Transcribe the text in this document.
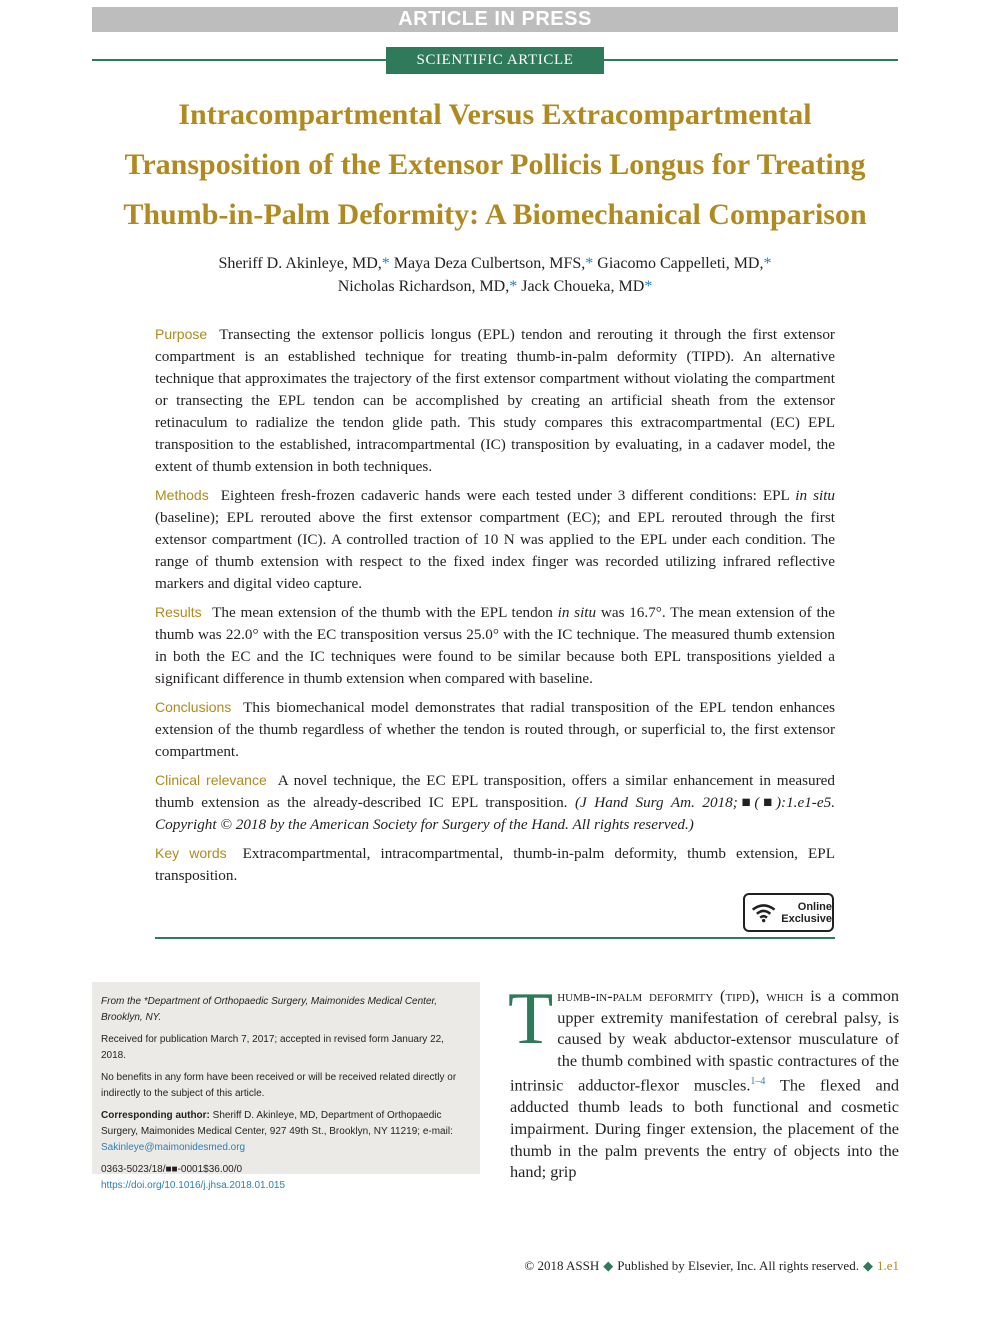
ARTICLE IN PRESS
SCIENTIFIC ARTICLE
Intracompartmental Versus Extracompartmental
Transposition of the Extensor Pollicis Longus for Treating
Thumb-in-Palm Deformity: A Biomechanical Comparison
Sheriff D. Akinleye, MD,* Maya Deza Culbertson, MFS,* Giacomo Cappelleti, MD,*
Nicholas Richardson, MD,* Jack Choueka, MD*

Purpose Transecting the extensor pollicis longus (EPL) tendon and rerouting it through the first extensor compartment is an established technique for treating thumb-in-palm deformity (TIPD). An alternative technique that approximates the trajectory of the first extensor compartment without violating the compartment or transecting the EPL tendon can be accomplished by creating an artificial sheath from the extensor retinaculum to radialize the tendon glide path. This study compares this extracompartmental (EC) EPL transposition to the established, intracompartmental (IC) transposition by evaluating, in a cadaver model, the extent of thumb extension in both techniques.

Methods Eighteen fresh-frozen cadaveric hands were each tested under 3 different conditions: EPL in situ (baseline); EPL rerouted above the first extensor compartment (EC); and EPL rerouted through the first extensor compartment (IC). A controlled traction of 10 N was applied to the EPL under each condition. The range of thumb extension with respect to the fixed index finger was recorded utilizing infrared reflective markers and digital video capture.

Results The mean extension of the thumb with the EPL tendon in situ was 16.7°. The mean extension of the thumb was 22.0° with the EC transposition versus 25.0° with the IC technique. The measured thumb extension in both the EC and the IC techniques were found to be similar because both EPL transpositions yielded a significant difference in thumb extension when compared with baseline.

Conclusions This biomechanical model demonstrates that radial transposition of the EPL tendon enhances extension of the thumb regardless of whether the tendon is routed through, or superficial to, the first extensor compartment.

Clinical relevance A novel technique, the EC EPL transposition, offers a similar enhancement in measured thumb extension as the already-described IC EPL transposition. (J Hand Surg Am. 2018;■(■):1.e1-e5. Copyright © 2018 by the American Society for Surgery of the Hand. All rights reserved.)

Key words Extracompartmental, intracompartmental, thumb-in-palm deformity, thumb extension, EPL transposition.

Online
Exclusive

From the *Department of Orthopaedic Surgery, Maimonides Medical Center, Brooklyn, NY.

Received for publication March 7, 2017; accepted in revised form January 22, 2018.

No benefits in any form have been received or will be received related directly or indirectly to the subject of this article.

Corresponding author: Sheriff D. Akinleye, MD, Department of Orthopaedic Surgery, Maimonides Medical Center, 927 49th St., Brooklyn, NY 11219; e-mail: Sakinleye@maimonidesmed.org

0363-5023/18/■■-0001$36.00/0
https://doi.org/10.1016/j.jhsa.2018.01.015
T humb-in-palm deformity (tipd), which is a common upper extremity manifestation of cerebral palsy, is caused by weak abductor-extensor musculature of the thumb combined with spastic contractures of the intrinsic adductor-flexor muscles.$^{1-4}$ The flexed and adducted thumb leads to both functional and cosmetic impairment. During finger extension, the placement of the thumb in the palm prevents the entry of objects into the hand; grip
© 2018 ASSH ◆ Published by Elsevier, Inc. All rights reserved. ◆ 1.e1
